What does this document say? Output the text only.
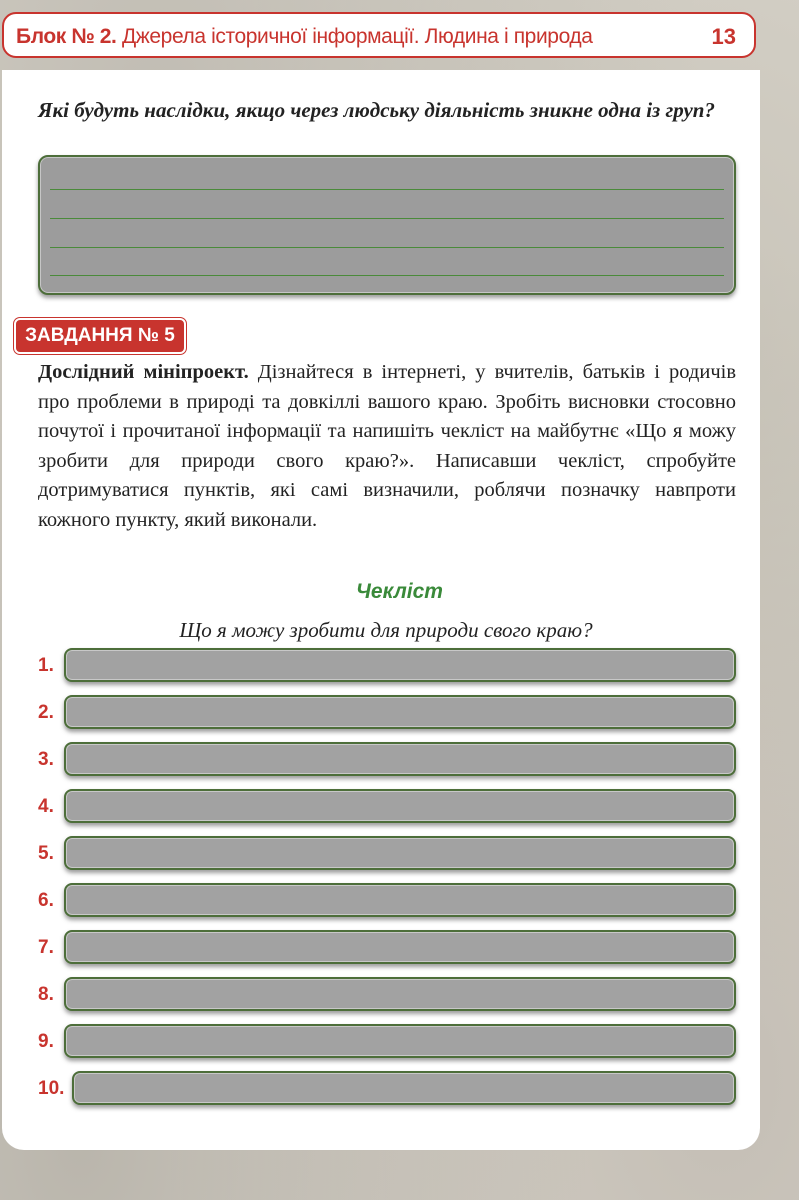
Блок № 2. Джерела історичної інформації. Людина і природа	13
Які будуть наслідки, якщо через людську діяльність зникне одна із груп?
ЗАВДАННЯ № 5
Дослідний мініпроект. Дізнайтеся в інтернеті, у вчителів, батьків і родичів про проблеми в природі та довкіллі вашого краю. Зробіть висновки стосовно почутої і прочитаної інформації та напишіть чекліст на майбутнє «Що я можу зробити для природи свого краю?». Написавши чекліст, спробуйте дотримуватися пунктів, які самі визначили, роблячи позначку навпроти кожного пункту, який виконали.
Чекліст
Що я можу зробити для природи свого краю?
1.
2.
3.
4.
5.
6.
7.
8.
9.
10.
